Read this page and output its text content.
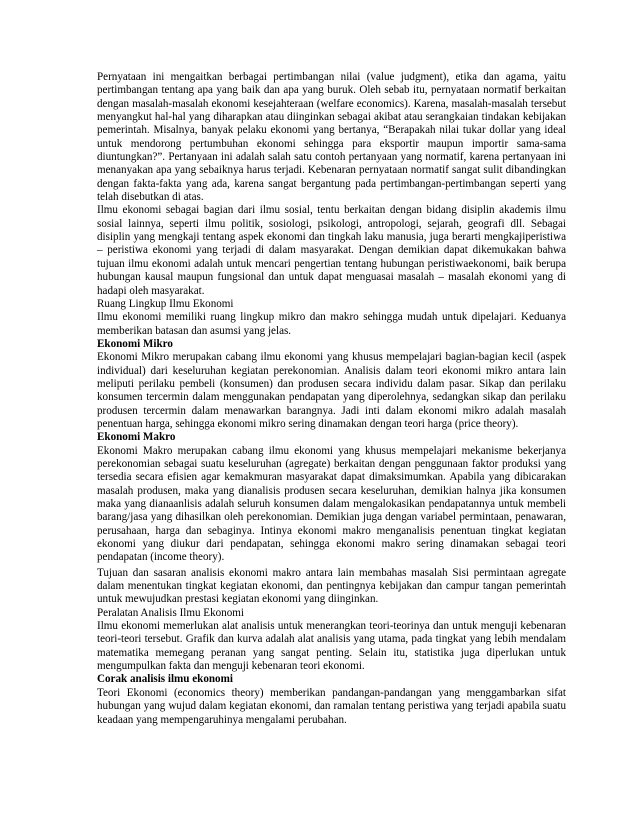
Pernyataan ini mengaitkan berbagai pertimbangan nilai (value judgment), etika dan agama, yaitu pertimbangan tentang apa yang baik dan apa yang buruk. Oleh sebab itu, pernyataan normatif berkaitan dengan masalah-masalah ekonomi kesejahteraan (welfare economics). Karena, masalah-masalah tersebut menyangkut hal-hal yang diharapkan atau diinginkan sebagai akibat atau serangkaian tindakan kebijakan pemerintah. Misalnya, banyak pelaku ekonomi yang bertanya, “Berapakah nilai tukar dollar yang ideal untuk mendorong pertumbuhan ekonomi sehingga para eksportir maupun importir sama-sama diuntungkan?”. Pertanyaan ini adalah salah satu contoh pertanyaan yang normatif, karena pertanyaan ini menanyakan apa yang sebaiknya harus terjadi. Kebenaran pernyataan normatif sangat sulit dibandingkan dengan fakta-fakta yang ada, karena sangat bergantung pada pertimbangan-pertimbangan seperti yang telah disebutkan di atas.

Ilmu ekonomi sebagai bagian dari ilmu sosial, tentu berkaitan dengan bidang disiplin akademis ilmu sosial lainnya, seperti ilmu politik, sosiologi, psikologi, antropologi, sejarah, geografi dll. Sebagai disiplin yang mengkaji tentang aspek ekonomi dan tingkah laku manusia, juga berarti mengkajiperistiwa – peristiwa ekonomi yang terjadi di dalam masyarakat. Dengan demikian dapat dikemukakan bahwa tujuan ilmu ekonomi adalah untuk mencari pengertian tentang hubungan peristiwaekonomi, baik berupa hubungan kausal maupun fungsional dan untuk dapat menguasai masalah – masalah ekonomi yang di hadapi oleh masyarakat.

Ruang Lingkup Ilmu Ekonomi

Ilmu ekonomi memiliki ruang lingkup mikro dan makro sehingga mudah untuk dipelajari. Keduanya memberikan batasan dan asumsi yang jelas.

Ekonomi Mikro

Ekonomi Mikro merupakan cabang ilmu ekonomi yang khusus mempelajari bagian-bagian kecil (aspek individual) dari keseluruhan kegiatan perekonomian. Analisis dalam teori ekonomi mikro antara lain meliputi perilaku pembeli (konsumen) dan produsen secara individu dalam pasar. Sikap dan perilaku konsumen tercermin dalam menggunakan pendapatan yang diperolehnya, sedangkan sikap dan perilaku produsen tercermin dalam menawarkan barangnya. Jadi inti dalam ekonomi mikro adalah masalah penentuan harga, sehingga ekonomi mikro sering dinamakan dengan teori harga (price theory).

Ekonomi Makro

Ekonomi Makro merupakan cabang ilmu ekonomi yang khusus mempelajari mekanisme bekerjanya perekonomian sebagai suatu keseluruhan (agregate) berkaitan dengan penggunaan faktor produksi yang tersedia secara efisien agar kemakmuran masyarakat dapat dimaksimumkan. Apabila yang dibicarakan masalah produsen, maka yang dianalisis produsen secara keseluruhan, demikian halnya jika konsumen maka yang dianaanlisis adalah seluruh konsumen dalam mengalokasikan pendapatannya untuk membeli barang/jasa yang dihasilkan oleh perekonomian. Demikian juga dengan variabel permintaan, penawaran, perusahaan, harga dan sebaginya. Intinya ekonomi makro menganalisis penentuan tingkat kegiatan ekonomi yang diukur dari pendapatan, sehingga ekonomi makro sering dinamakan sebagai teori pendapatan (income theory).

Tujuan dan sasaran analisis ekonomi makro antara lain membahas masalah Sisi permintaan agregate dalam menentukan tingkat kegiatan ekonomi, dan pentingnya kebijakan dan campur tangan pemerintah untuk mewujudkan prestasi kegiatan ekonomi yang diinginkan.

Peralatan Analisis Ilmu Ekonomi

Ilmu ekonomi memerlukan alat analisis untuk menerangkan teori-teorinya dan untuk menguji kebenaran teori-teori tersebut. Grafik dan kurva adalah alat analisis yang utama, pada tingkat yang lebih mendalam matematika memegang peranan yang sangat penting. Selain itu, statistika juga diperlukan untuk mengumpulkan fakta dan menguji kebenaran teori ekonomi.

Corak analisis ilmu ekonomi

Teori Ekonomi (economics theory) memberikan pandangan-pandangan yang menggambarkan sifat hubungan yang wujud dalam kegiatan ekonomi, dan ramalan tentang peristiwa yang terjadi apabila suatu keadaan yang mempengaruhinya mengalami perubahan.
